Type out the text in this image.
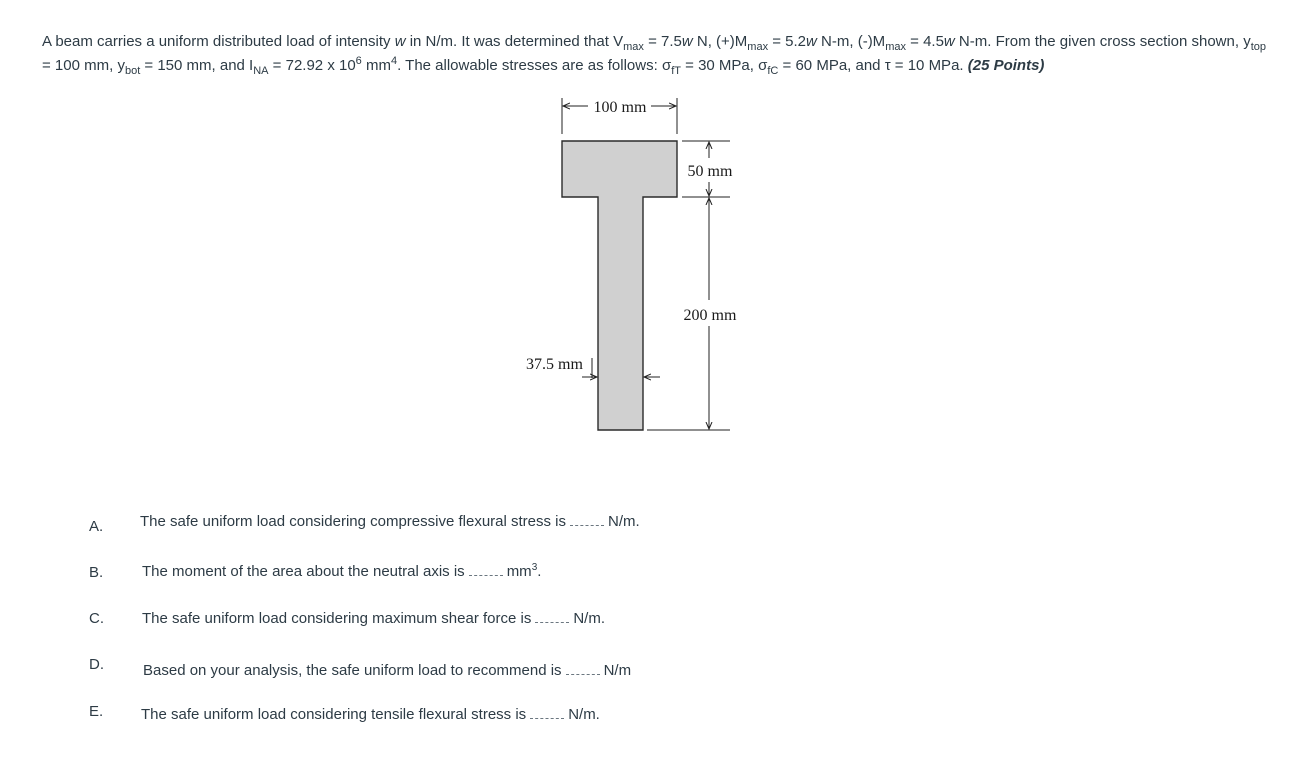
A beam carries a uniform distributed load of intensity w in N/m. It was determined that $V_{max} = 7.5w$ N, $(+)M_{max} = 5.2w$ N-m, $(-)M_{max} = 4.5w$ N-m. From the given cross section shown, $y_{top} = 100$ mm, $y_{bot} = 150$ mm, and $I_{NA} = 72.92$ x $10^6$ $mm^4$. The allowable stresses are as follows: $\sigma_{fT} = 30$ MPa, $\sigma_{fC} = 60$ MPa, and τ = 10 MPa. (25 Points)
100 mm
50 mm
200 mm
37.5 mm
A. The safe uniform load considering compressive flexural stress is	N/m.
B.	The moment of the area about the neutral axis is	$mm^3$.
C.	The safe uniform load considering maximum shear force is	N/m.
D.	Based on your analysis, the safe uniform load to recommend is	N/m
E.	The safe uniform load considering tensile flexural stress is	N/m.
